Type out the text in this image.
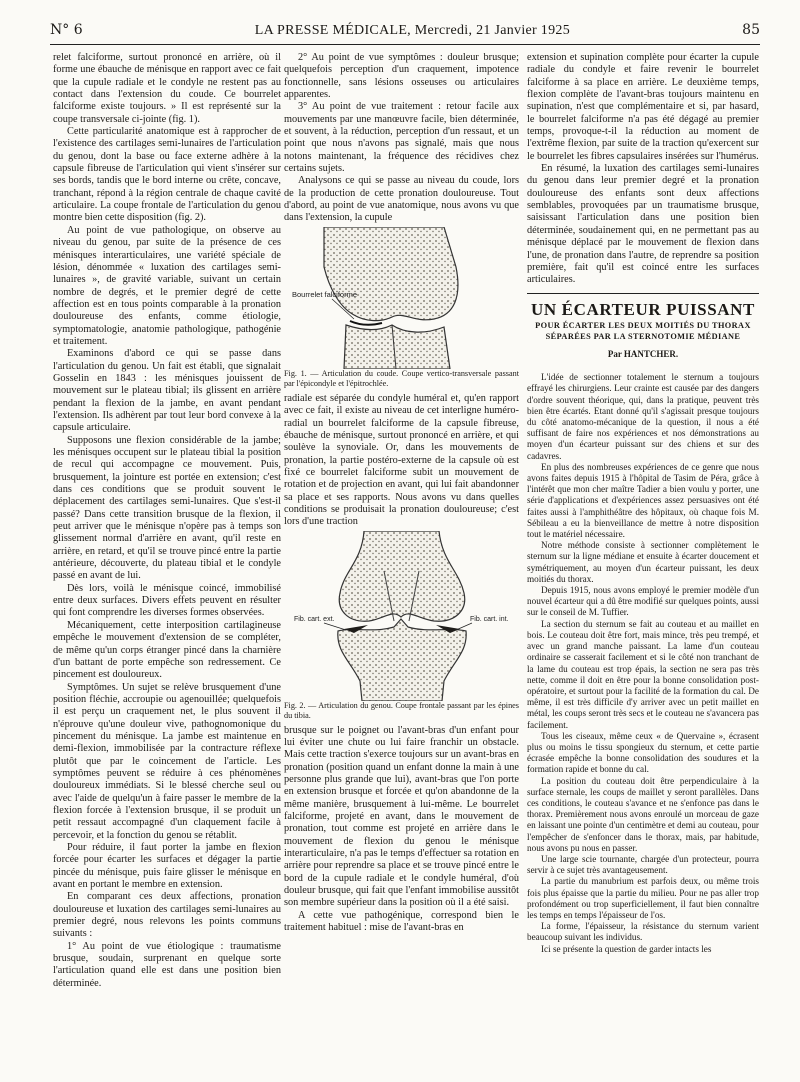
N° 6	LA PRESSE MÉDICALE, Mercredi, 21 Janvier 1925	85

relet falciforme, surtout prononcé en arrière, où il forme une ébauche de ménisque en rapport avec ce fait que la cupule radiale et le condyle ne restent pas au contact dans l'extension du coude. Ce bourrelet falciforme existe toujours. » Il est représenté sur la coupe transversale ci-jointe (fig. 1).

Cette particularité anatomique est à rapprocher de l'existence des cartilages semi-lunaires de l'articulation du genou, dont la base ou face externe adhère à la capsule fibreuse de l'articulation qui vient s'insérer sur ses bords, tandis que le bord interne ou crête, concave, tranchant, répond à la région centrale de chaque cavité articulaire. La coupe frontale de l'articulation du genou montre bien cette disposition (fig. 2).

Au point de vue pathologique, on observe au niveau du genou, par suite de la présence de ces ménisques interarticulaires, une variété spéciale de lésion, dénommée « luxation des cartilages semi-lunaires », de gravité variable, suivant un certain nombre de degrés, et le premier degré de cette affection est en tous points comparable à la pronation douloureuse des enfants, comme étiologie, symptomatologie, anatomie pathologique, pathogénie et traitement.

Examinons d'abord ce qui se passe dans l'articulation du genou. Un fait est établi, que signalait Gosselin en 1843 : les ménisques jouissent de mouvement sur le plateau tibial; ils glissent en arrière pendant la flexion de la jambe, en avant pendant l'extension. Ils adhèrent par tout leur bord convexe à la capsule articulaire.

Supposons une flexion considérable de la jambe; les ménisques occupent sur le plateau tibial la position de recul qui accompagne ce mouvement. Puis, brusquement, la jointure est portée en extension; c'est dans ces conditions que se produit souvent le déplacement des cartilages semi-lunaires. Que s'est-il passé? Dans cette transition brusque de la flexion, il peut arriver que le ménisque n'opère pas à temps son glissement normal d'arrière en avant, qu'il reste en arrière, en retard, et qu'il se trouve pincé entre la partie antérieure, découverte, du plateau tibial et le condyle passé en avant de lui.

Dès lors, voilà le ménisque coincé, immobilisé entre deux surfaces. Divers effets peuvent en résulter qui font comprendre les diverses formes observées.

Mécaniquement, cette interposition cartilagineuse empêche le mouvement d'extension de se compléter, de même qu'un corps étranger pincé dans la charnière d'un battant de porte empêche son redressement. Ce pincement est douloureux.

Symptômes. Un sujet se relève brusquement d'une position fléchie, accroupie ou agenouillée; quelquefois il est perçu un craquement net, le plus souvent il n'éprouve qu'une douleur vive, pathognomonique du pincement du ménisque. La jambe est maintenue en demi-flexion, immobilisée par la contracture réflexe plutôt que par le coincement de l'article. Les symptômes peuvent se réduire à ces phénomènes douloureux immédiats. Si le blessé cherche seul ou avec l'aide de quelqu'un à faire passer le membre de la flexion forcée à l'extension brusque, il se produit un petit ressaut accompagné d'un claquement facile à percevoir, et la fonction du genou se rétablit.

Pour réduire, il faut porter la jambe en flexion forcée pour écarter les surfaces et dégager la partie pincée du ménisque, puis faire glisser le ménisque en avant en portant le membre en extension.

En comparant ces deux affections, pronation douloureuse et luxation des cartilages semi-lunaires au premier degré, nous relevons les points communs suivants :

1° Au point de vue étiologique : traumatisme brusque, soudain, surprenant en quelque sorte l'articulation quand elle est dans une position bien déterminée.

2° Au point de vue symptômes : douleur brusque; quelquefois perception d'un craquement, impotence fonctionnelle, sans lésions osseuses ou articulaires apparentes.

3° Au point de vue traitement : retour facile aux mouvements par une manœuvre facile, bien déterminée, et souvent, à la réduction, perception d'un ressaut, et un point que nous n'avons pas signalé, mais que nous notons maintenant, la fréquence des récidives chez certains sujets.

Analysons ce qui se passe au niveau du coude, lors de la production de cette pronation douloureuse. Tout d'abord, au point de vue anatomique, nous avons vu que dans l'extension, la cupule

Bourrelet falciforme

Fig. 1. — Articulation du coude. Coupe vertico-transversale passant par l'épicondyle et l'épitrochlée.

radiale est séparée du condyle huméral et, qu'en rapport avec ce fait, il existe au niveau de cet interligne huméro-radial un bourrelet falciforme de la capsule fibreuse, ébauche de ménisque, surtout prononcé en arrière, et qui soulève la synoviale. Or, dans les mouvements de pronation, la partie postéro-externe de la capsule où est fixé ce bourrelet falciforme subit un mouvement de rotation et de projection en avant, qui lui fait abandonner sa place et ses rapports. Nous avons vu dans quelles conditions se produisait la pronation douloureuse; c'est lors d'une traction

Fib. cart. ext.	Fib. cart. int.

Fig. 2. — Articulation du genou. Coupe frontale passant par les épines du tibia.

brusque sur le poignet ou l'avant-bras d'un enfant pour lui éviter une chute ou lui faire franchir un obstacle. Mais cette traction s'exerce toujours sur un avant-bras en pronation (position quand un enfant donne la main à une personne plus grande que lui), avant-bras que l'on porte en extension brusque et forcée et qu'on abandonne de la même manière, brusquement à lui-même. Le bourrelet falciforme, projeté en avant, dans le mouvement de pronation, tout comme est projeté en arrière dans le mouvement de flexion du genou le ménisque interarticulaire, n'a pas le temps d'effectuer sa rotation en arrière pour reprendre sa place et se trouve pincé entre le bord de la cupule radiale et le condyle huméral, d'où douleur brusque, qui fait que l'enfant immobilise aussitôt son membre supérieur dans la position où il a été saisi.

A cette vue pathogénique, correspond bien le traitement habituel : mise de l'avant-bras en

extension et supination complète pour écarter la cupule radiale du condyle et faire revenir le bourrelet falciforme à sa place en arrière. Le deuxième temps, flexion complète de l'avant-bras toujours maintenu en supination, n'est que complémentaire et si, par hasard, le bourrelet falciforme n'a pas été dégagé au premier temps, provoque-t-il la réduction au moment de l'extrême flexion, par suite de la traction qu'exercent sur le bourrelet les fibres capsulaires insérées sur l'humérus.

En résumé, la luxation des cartilages semi-lunaires du genou dans leur premier degré et la pronation douloureuse des enfants sont deux affections semblables, provoquées par un traumatisme brusque, saisissant l'articulation dans une position bien déterminée, soudainement qui, en ne permettant pas au ménisque déplacé par le mouvement de flexion dans l'une, de pronation dans l'autre, de reprendre sa position première, fait qu'il est coincé entre les surfaces articulaires.

UN ÉCARTEUR PUISSANT
POUR ÉCARTER LES DEUX MOITIÉS DU THORAX
SÉPARÉES PAR LA STERNOTOMIE MÉDIANE
Par HANTCHER.

L'idée de sectionner totalement le sternum a toujours effrayé les chirurgiens. Leur crainte est causée par des dangers d'ordre souvent théorique, qui, dans la pratique, peuvent très bien être écartés. Etant donné qu'il s'agissait presque toujours du côté anatomo-mécanique de la question, il nous a été suffisant de faire nos expériences et nos démonstrations au moyen d'un écarteur puissant sur des chiens et sur des cadavres.

En plus des nombreuses expériences de ce genre que nous avons faites depuis 1915 à l'hôpital de Tasim de Péra, grâce à l'intérêt que mon cher maître Tadier a bien voulu y porter, une série d'applications et d'expériences assez persuasives ont été faites aussi à l'amphithéâtre des hôpitaux, où chaque fois M. Sébileau a eu la bienveillance de mettre à notre disposition tout le matériel nécessaire.

Notre méthode consiste à sectionner complètement le sternum sur la ligne médiane et ensuite à écarter doucement et symétriquement, au moyen d'un écarteur puissant, les deux moitiés du thorax.

Depuis 1915, nous avons employé le premier modèle d'un nouvel écarteur qui a dû être modifié sur quelques points, aussi sur le conseil de M. Tuffier.

La section du sternum se fait au couteau et au maillet en bois. Le couteau doit être fort, mais mince, très peu trempé, et avec un grand manche paissant. La lame d'un couteau ordinaire se casserait facilement et si le côté non tranchant de la lame du couteau est trop épais, la section ne sera pas très nette, comme il doit en être pour la bonne consolidation post-opératoire, et surtout pour la facilité de la formation du cal. De même, il est très difficile d'y arriver avec un petit maillet en métal, les coups seront très secs et le couteau ne s'avancera pas facilement.

Tous les ciseaux, même ceux « de Quervaine », écrasent plus ou moins le tissu spongieux du sternum, et cette partie écrasée empêche la bonne consolidation des soudures et la formation rapide et bonne du cal.

La position du couteau doit être perpendiculaire à la surface sternale, les coups de maillet y seront parallèles. Dans ces conditions, le couteau s'avance et ne s'enfonce pas dans le thorax. Premièrement nous avons enroulé un morceau de gaze en laissant une pointe d'un centimètre et demi au couteau, pour l'empêcher de s'enfoncer dans le thorax, mais, par habitude, nous avons pu nous en passer.

Une large scie tournante, chargée d'un protecteur, pourra servir à ce sujet très avantageusement.

La partie du manubrium est parfois deux, ou même trois fois plus épaisse que la partie du milieu. Pour ne pas aller trop profondément ou trop superficiellement, il faut bien connaître les temps en temps l'épaisseur de l'os.

La forme, l'épaisseur, la résistance du sternum varient beaucoup suivant les individus.

Ici se présente la question de garder intacts les
